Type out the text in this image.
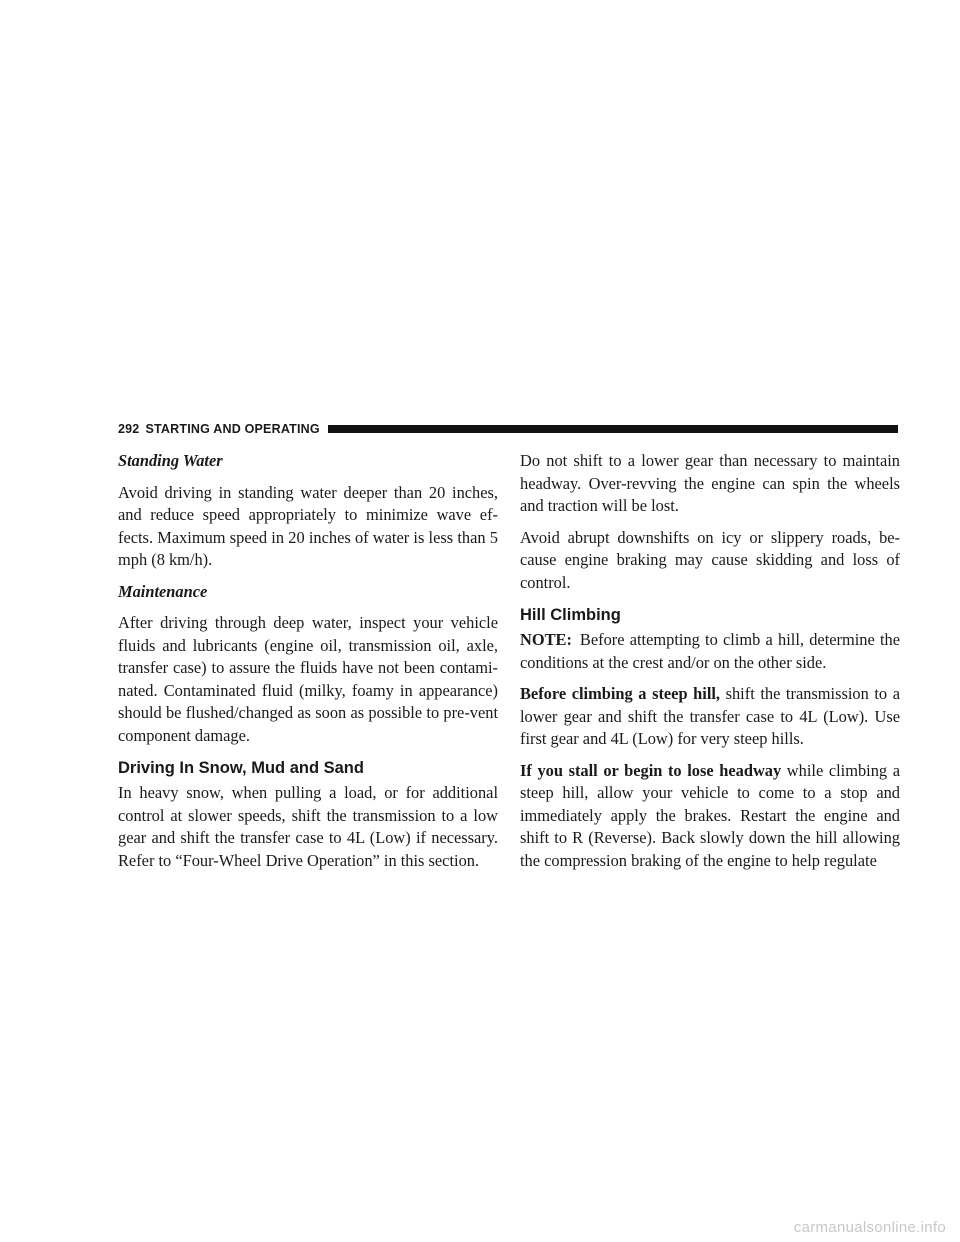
292 STARTING AND OPERATING

Standing Water

Avoid driving in standing water deeper than 20 inches, and reduce speed appropriately to minimize wave ef-fects. Maximum speed in 20 inches of water is less than 5 mph (8 km/h).

Maintenance

After driving through deep water, inspect your vehicle fluids and lubricants (engine oil, transmission oil, axle, transfer case) to assure the fluids have not been contami-nated. Contaminated fluid (milky, foamy in appearance) should be flushed/changed as soon as possible to pre-vent component damage.

Driving In Snow, Mud and Sand

In heavy snow, when pulling a load, or for additional control at slower speeds, shift the transmission to a low gear and shift the transfer case to 4L (Low) if necessary. Refer to “Four-Wheel Drive Operation” in this section.

Do not shift to a lower gear than necessary to maintain headway. Over-revving the engine can spin the wheels and traction will be lost.

Avoid abrupt downshifts on icy or slippery roads, be-cause engine braking may cause skidding and loss of control.

Hill Climbing

NOTE: Before attempting to climb a hill, determine the conditions at the crest and/or on the other side.

Before climbing a steep hill, shift the transmission to a lower gear and shift the transfer case to 4L (Low). Use first gear and 4L (Low) for very steep hills.

If you stall or begin to lose headway while climbing a steep hill, allow your vehicle to come to a stop and immediately apply the brakes. Restart the engine and shift to R (Reverse). Back slowly down the hill allowing the compression braking of the engine to help regulate

carmanualsonline.info
